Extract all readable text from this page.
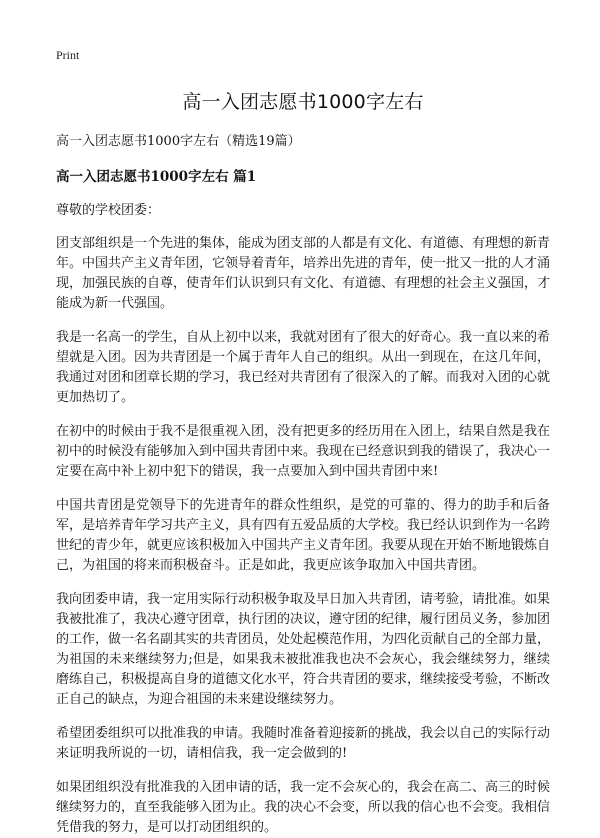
Print
高一入团志愿书1000字左右

高一入团志愿书1000字左右（精选19篇）

高一入团志愿书1000字左右 篇1

尊敬的学校团委：

团支部组织是一个先进的集体，能成为团支部的人都是有文化、有道德、有理想的新青年。中国共产主义青年团，它领导着青年，培养出先进的青年，使一批又一批的人才涌现，加强民族的自尊，使青年们认识到只有文化、有道德、有理想的社会主义强国，才能成为新一代强国。

我是一名高一的学生，自从上初中以来，我就对团有了很大的好奇心。我一直以来的希望就是入团。因为共青团是一个属于青年人自己的组织。从出一到现在，在这几年间，我通过对团和团章长期的学习，我已经对共青团有了很深入的了解。而我对入团的心就更加热切了。

在初中的时候由于我不是很重视入团，没有把更多的经历用在入团上，结果自然是我在初中的时候没有能够加入到中国共青团中来。我现在已经意识到我的错误了，我决心一定要在高中补上初中犯下的错误，我一点要加入到中国共青团中来!

中国共青团是党领导下的先进青年的群众性组织，是党的可靠的、得力的助手和后备军，是培养青年学习共产主义，具有四有五爱品质的大学校。我已经认识到作为一名跨世纪的青少年，就更应该积极加入中国共产主义青年团。我要从现在开始不断地锻炼自己，为祖国的将来而积极奋斗。正是如此，我更应该争取加入中国共青团。

我向团委申请，我一定用实际行动积极争取及早日加入共青团，请考验，请批准。如果我被批准了，我决心遵守团章，执行团的决议，遵守团的纪律，履行团员义务，参加团的工作，做一名名副其实的共青团员，处处起模范作用，为四化贡献自己的全部力量，为祖国的未来继续努力;但是，如果我未被批准我也决不会灰心，我会继续努力，继续磨练自己，积极提高自身的道德文化水平，符合共青团的要求，继续接受考验，不断改正自己的缺点，为迎合祖国的未来建设继续努力。

希望团委组织可以批准我的申请。我随时准备着迎接新的挑战，我会以自己的实际行动来证明我所说的一切，请相信我，我一定会做到的!

如果团组织没有批准我的入团申请的话，我一定不会灰心的，我会在高二、高三的时候继续努力的，直至我能够入团为止。我的决心不会变，所以我的信心也不会变。我相信凭借我的努力，是可以打动团组织的。
